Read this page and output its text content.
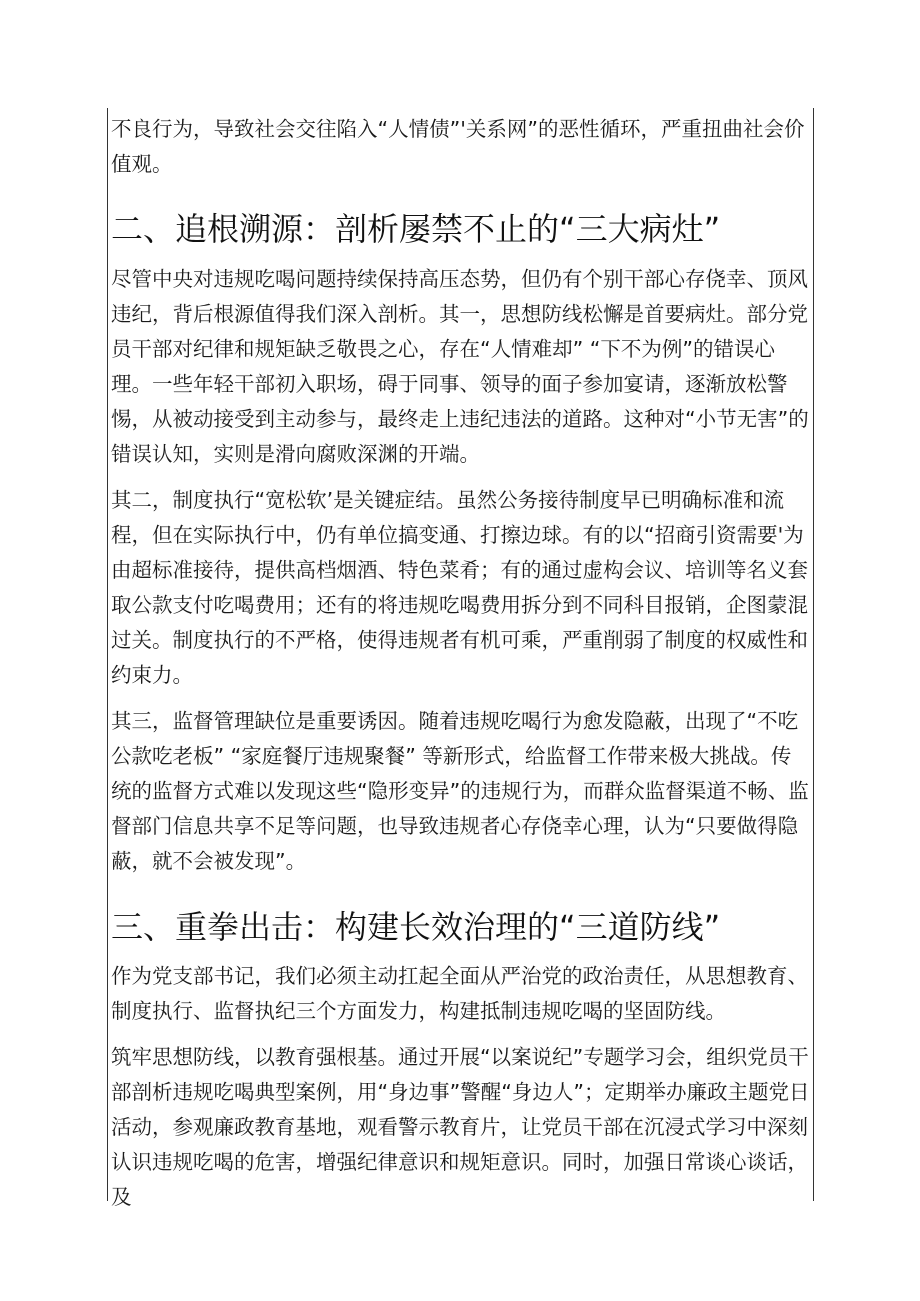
不良行为，导致社会交往陷入“人情债”'关系网”的恶性循环，严重扭曲社会价值观。

二、追根溯源：剖析屡禁不止的“三大病灶”

尽管中央对违规吃喝问题持续保持高压态势，但仍有个别干部心存侥幸、顶风违纪，背后根源值得我们深入剖析。其一，思想防线松懈是首要病灶。部分党员干部对纪律和规矩缺乏敬畏之心，存在“人情难却” “下不为例”的错误心理。一些年轻干部初入职场，碍于同事、领导的面子参加宴请，逐渐放松警惕，从被动接受到主动参与，最终走上违纪违法的道路。这种对“小节无害”的错误认知，实则是滑向腐败深渊的开端。

其二，制度执行“宽松软’是关键症结。虽然公务接待制度早已明确标准和流程，但在实际执行中，仍有单位搞变通、打擦边球。有的以“招商引资需要'为由超标准接待，提供高档烟酒、特色菜肴；有的通过虚构会议、培训等名义套取公款支付吃喝费用；还有的将违规吃喝费用拆分到不同科目报销，企图蒙混过关。制度执行的不严格，使得违规者有机可乘，严重削弱了制度的权威性和约束力。

其三，监督管理缺位是重要诱因。随着违规吃喝行为愈发隐蔽，出现了“不吃公款吃老板” “家庭餐厅违规聚餐” 等新形式，给监督工作带来极大挑战。传统的监督方式难以发现这些“隐形变异”的违规行为，而群众监督渠道不畅、监督部门信息共享不足等问题，也导致违规者心存侥幸心理，认为“只要做得隐蔽，就不会被发现”。

三、重拳出击：构建长效治理的“三道防线”

作为党支部书记，我们必须主动扛起全面从严治党的政治责任，从思想教育、制度执行、监督执纪三个方面发力，构建抵制违规吃喝的坚固防线。

筑牢思想防线，以教育强根基。通过开展“以案说纪”专题学习会，组织党员干部剖析违规吃喝典型案例，用“身边事”警醒“身边人”；定期举办廉政主题党日活动，参观廉政教育基地，观看警示教育片，让党员干部在沉浸式学习中深刻认识违规吃喝的危害，增强纪律意识和规矩意识。同时，加强日常谈心谈话，及
